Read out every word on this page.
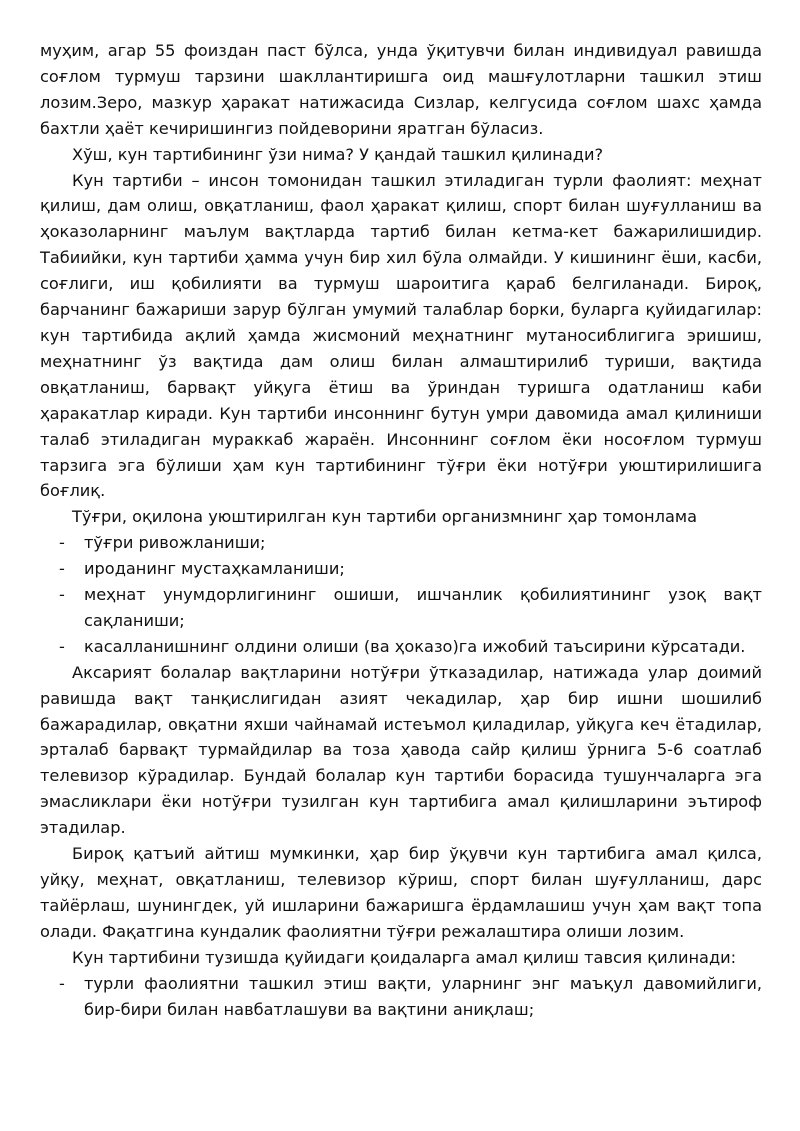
муҳим, агар 55 фоиздан паст бўлса, унда ўқитувчи билан индивидуал равишда соғлом турмуш тарзини шакллантиришга оид машғулотларни ташкил этиш лозим.Зеро, мазкур ҳаракат натижасида Сизлар, келгусида соғлом шахс ҳамда бахтли ҳаёт кечиришингиз пойдеворини яратган бўласиз.

Хўш, кун тартибининг ўзи нима? У қандай ташкил қилинади?

Кун тартиби – инсон томонидан ташкил этиладиган турли фаолият: меҳнат қилиш, дам олиш, овқатланиш, фаол ҳаракат қилиш, спорт билан шуғулланиш ва ҳоказоларнинг маълум вақтларда тартиб билан кетма-кет бажарилишидир. Табиийки, кун тартиби ҳамма учун бир хил бўла олмайди. У кишининг ёши, касби, соғлиги, иш қобилияти ва турмуш шароитига қараб белгиланади. Бироқ, барчанинг бажариши зарур бўлган умумий талаблар борки, буларга қуйидагилар: кун тартибида ақлий ҳамда жисмоний меҳнатнинг мутаносиблигига эришиш, меҳнатнинг ўз вақтида дам олиш билан алмаштирилиб туриши, вақтида овқатланиш, барвақт уйқуга ётиш ва ўриндан туришга одатланиш каби ҳаракатлар киради. Кун тартиби инсоннинг бутун умри давомида амал қилиниши талаб этиладиган мураккаб жараён. Инсоннинг соғлом ёки носоғлом турмуш тарзига эга бўлиши ҳам кун тартибининг тўғри ёки нотўғри уюштирилишига боғлиқ.

Тўғри, оқилона уюштирилган кун тартиби организмнинг ҳар томонлама

- тўғри ривожланиши;
- ироданинг мустаҳкамланиши;
- меҳнат унумдорлигининг ошиши, ишчанлик қобилиятининг узоқ вақт сақланиши;
- касалланишнинг олдини олиши (ва ҳоказо)га ижобий таъсирини кўрсатади.

Аксарият болалар вақтларини нотўғри ўтказадилар, натижада улар доимий равишда вақт танқислигидан азият чекадилар, ҳар бир ишни шошилиб бажарадилар, овқатни яхши чайнамай истеъмол қиладилар, уйқуга кеч ётадилар, эрталаб барвақт турмайдилар ва тоза ҳавода сайр қилиш ўрнига 5-6 соатлаб телевизор кўрадилар. Бундай болалар кун тартиби борасида тушунчаларга эга эмасликлари ёки нотўғри тузилган кун тартибига амал қилишларини эътироф этадилар.

Бироқ қатъий айтиш мумкинки, ҳар бир ўқувчи кун тартибига амал қилса, уйқу, меҳнат, овқатланиш, телевизор кўриш, спорт билан шуғулланиш, дарс тайёрлаш, шунингдек, уй ишларини бажаришга ёрдамлашиш учун ҳам вақт топа олади. Фақатгина кундалик фаолиятни тўғри режалаштира олиши лозим.

Кун тартибини тузишда қуйидаги қоидаларга амал қилиш тавсия қилинади:

- турли фаолиятни ташкил этиш вақти, уларнинг энг маъқул давомийлиги, бир-бири билан навбатлашуви ва вақтини аниқлаш;
